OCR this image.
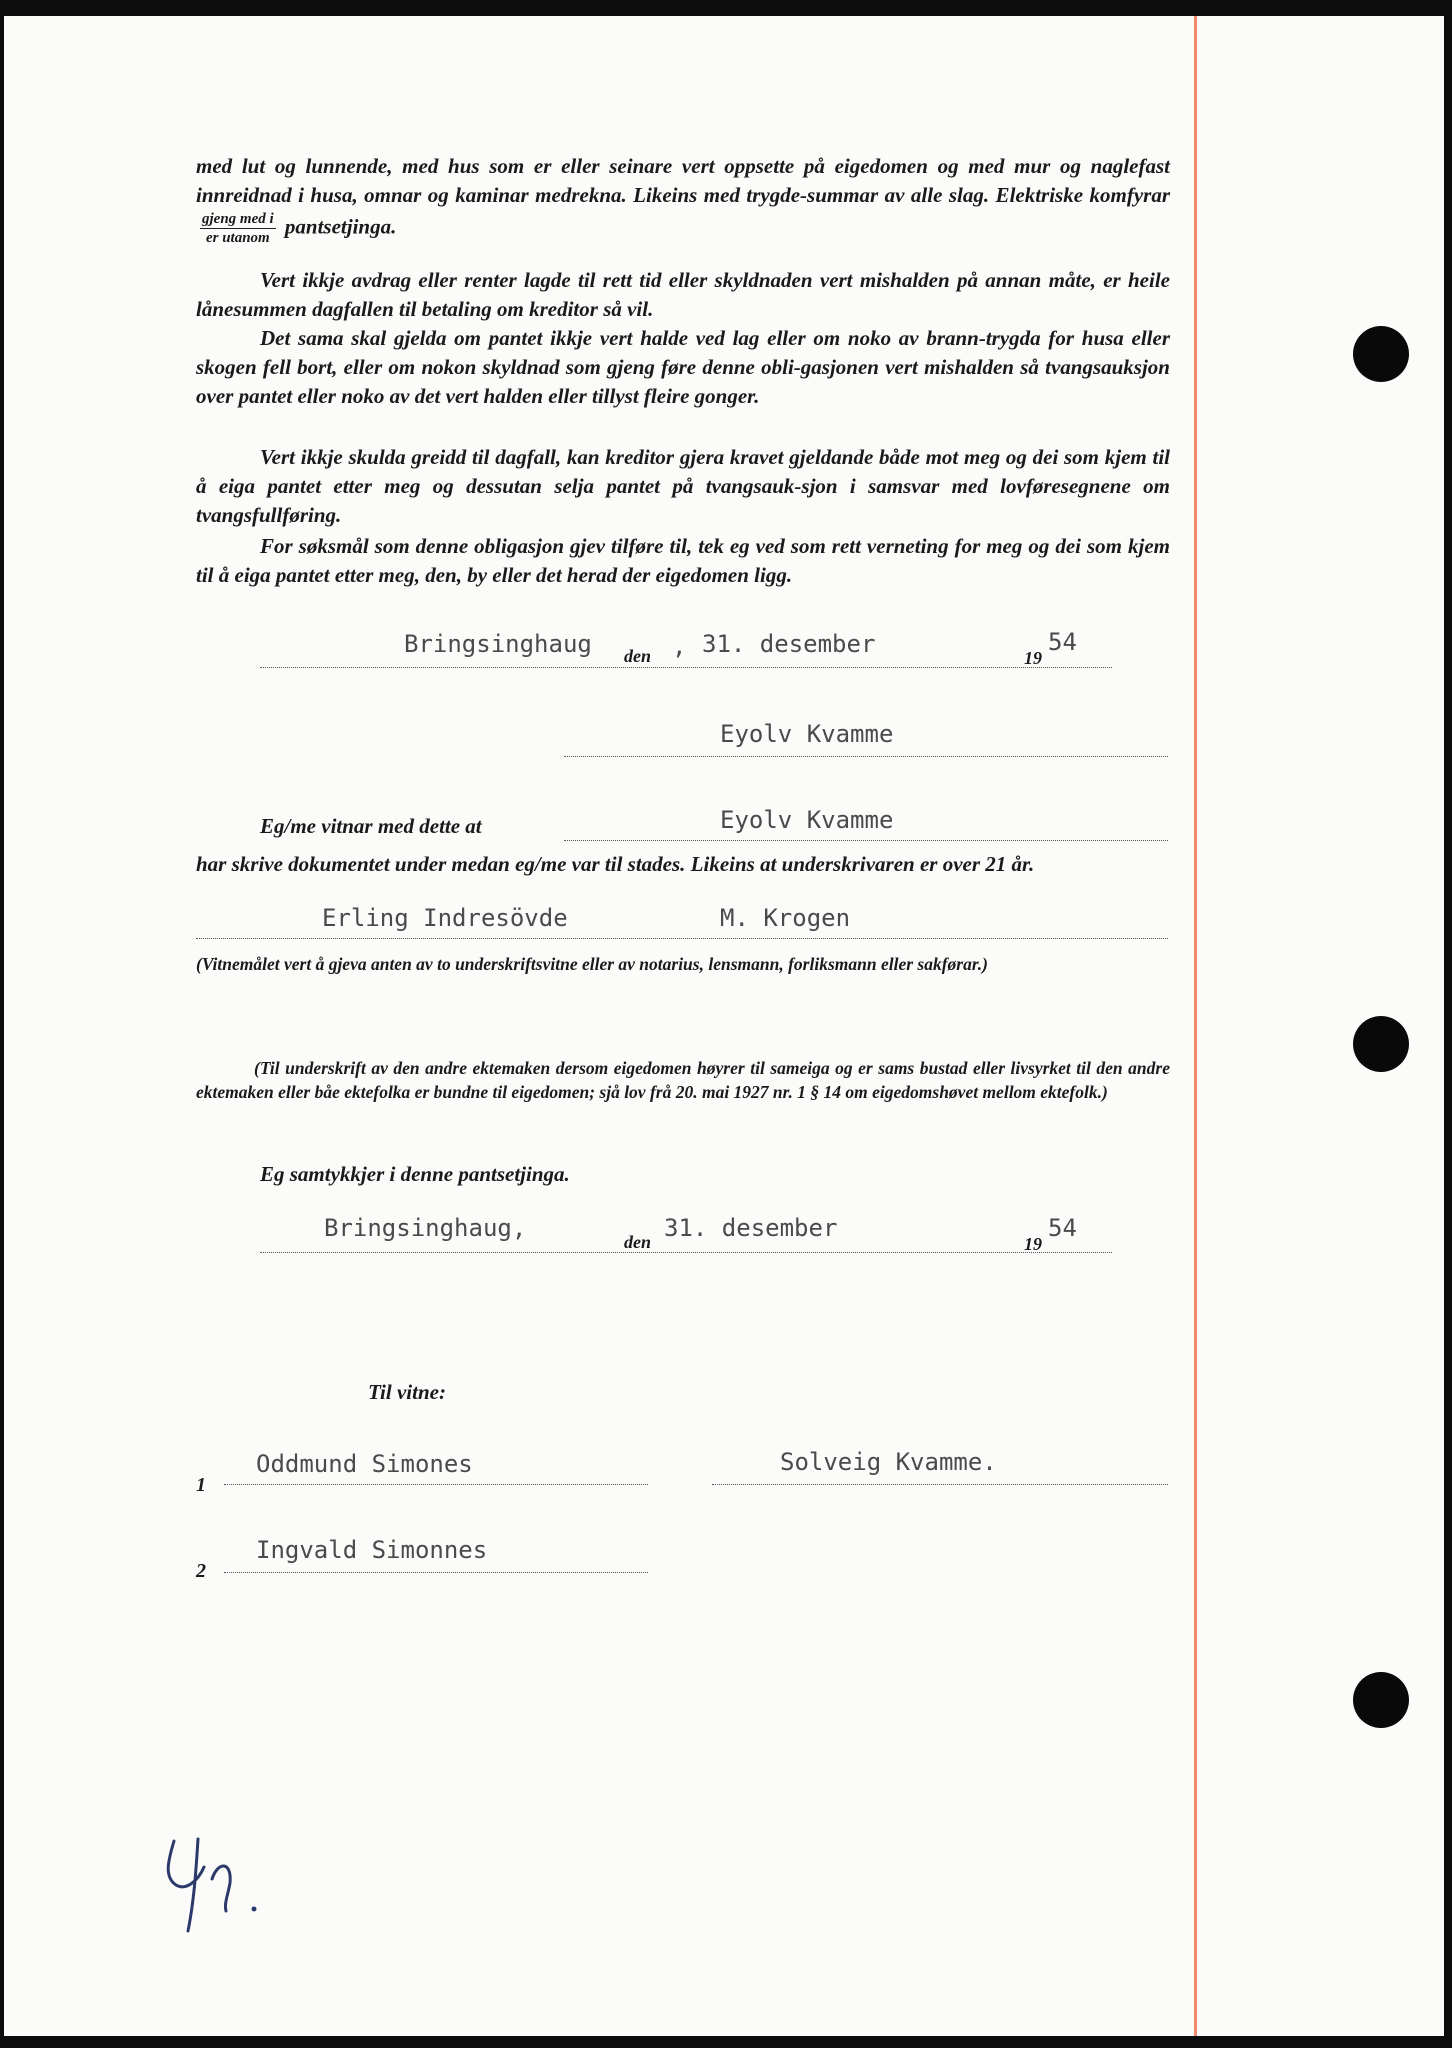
med lut og lunnende, med hus som er eller seinare vert oppsette på eigedomen og med mur og naglefast innreidnad i husa, omnar og kaminar medrekna. Likeins med trygde-summar av alle slag. Elektriske komfyrar
$\frac{\text{gjeng med i}}{\text{er utanom}}$ pantsetjinga.

Vert ikkje avdrag eller renter lagde til rett tid eller skyldnaden vert mishalden på annan måte, er heile lånesummen dagfallen til betaling om kreditor så vil.

Det sama skal gjelda om pantet ikkje vert halde ved lag eller om noko av brann-trygda for husa eller skogen fell bort, eller om nokon skyldnad som gjeng føre denne obli-gasjonen vert mishalden så tvangsauksjon over pantet eller noko av det vert halden eller tillyst fleire gonger.

Vert ikkje skulda greidd til dagfall, kan kreditor gjera kravet gjeldande både mot meg og dei som kjem til å eiga pantet etter meg og dessutan selja pantet på tvangsauk-sjon i samsvar med lovføresegnene om tvangsfullføring.

For søksmål som denne obligasjon gjev tilføre til, tek eg ved som rett verneting for meg og dei som kjem til å eiga pantet etter meg, den, by eller det herad der eigedomen ligg.

Bringsinghaug den , 31. desember	19
54
Eyolv Kvamme
Eg/me vitnar med dette at	Eyolv Kvamme

har skrive dokumentet under medan eg/me var til stades. Likeins at underskrivaren er over 21 år.

Erling Indresövde	M. Krogen

(Vitnemålet vert å gjeva anten av to underskriftsvitne eller av notarius, lensmann, forliksmann eller sakførar.)

(Til underskrift av den andre ektemaken dersom eigedomen høyrer til sameiga og er sams bustad eller livsyrket til den andre ektemaken eller båe ektefolka er bundne til eigedomen; sjå lov frå 20. mai 1927 nr. 1 § 14 om eigedomshøvet mellom ektefolk.)

Eg samtykkjer i denne pantsetjinga.
Bringsinghaug,	den 31. desember
19
54
Til vitne:
1
Oddmund Simones	Solveig Kvamme.
2
Ingvald Simonnes
